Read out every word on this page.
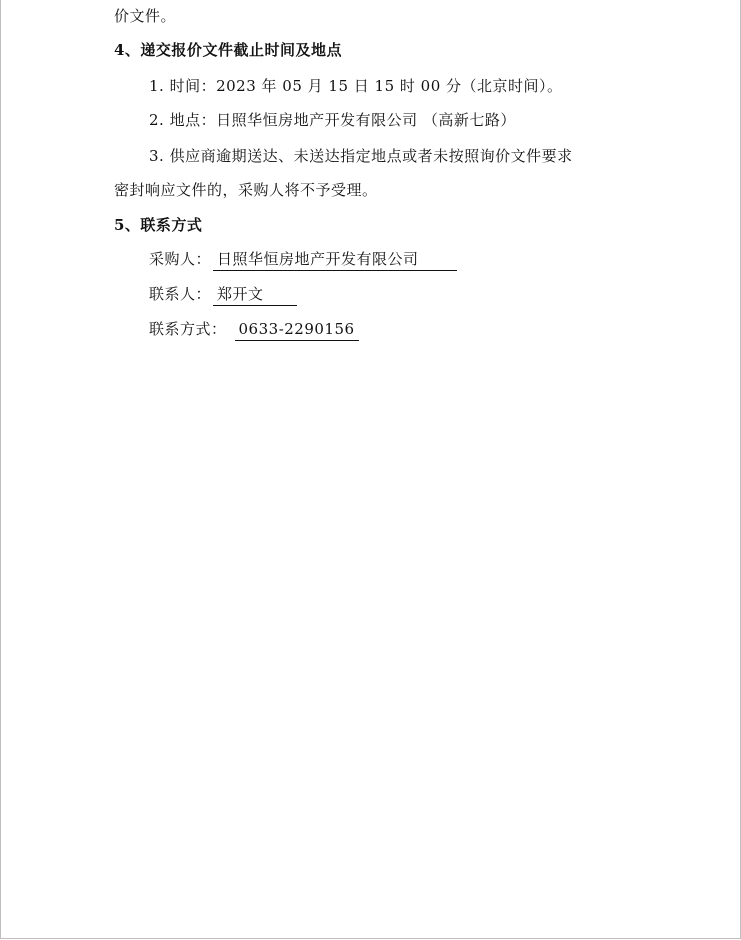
价文件。
4、递交报价文件截止时间及地点
1. 时间：2023 年 05 月 15 日 15 时 00 分（北京时间）。
2. 地点：日照华恒房地产开发有限公司 （高新七路）
3. 供应商逾期送达、未送达指定地点或者未按照询价文件要求
密封响应文件的，采购人将不予受理。
5、联系方式
采购人： 日照华恒房地产开发有限公司
联系人： 郑开文
联系方式： 0633-2290156
